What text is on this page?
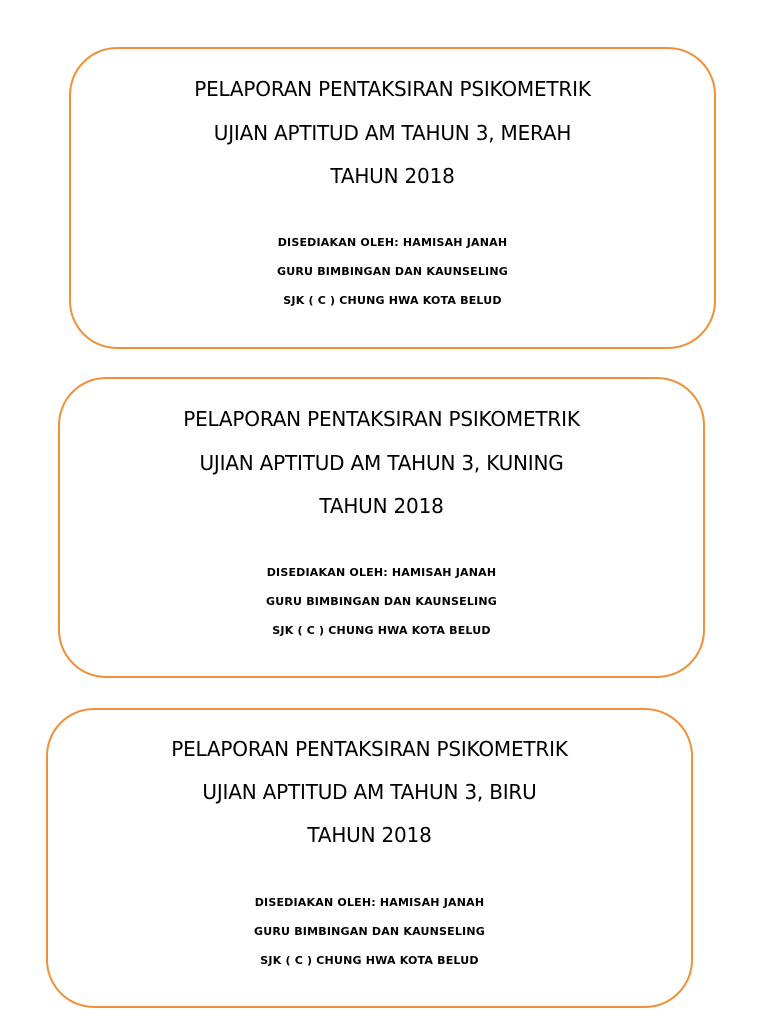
PELAPORAN PENTAKSIRAN PSIKOMETRIK
UJIAN APTITUD AM TAHUN 3, MERAH
TAHUN 2018
DISEDIAKAN OLEH: HAMISAH JANAH
GURU BIMBINGAN DAN KAUNSELING
SJK ( C ) CHUNG HWA KOTA BELUD
PELAPORAN PENTAKSIRAN PSIKOMETRIK
UJIAN APTITUD AM TAHUN 3, KUNING
TAHUN 2018
DISEDIAKAN OLEH: HAMISAH JANAH
GURU BIMBINGAN DAN KAUNSELING
SJK ( C ) CHUNG HWA KOTA BELUD
PELAPORAN PENTAKSIRAN PSIKOMETRIK
UJIAN APTITUD AM TAHUN 3, BIRU
TAHUN 2018
DISEDIAKAN OLEH: HAMISAH JANAH
GURU BIMBINGAN DAN KAUNSELING
SJK ( C ) CHUNG HWA KOTA BELUD
